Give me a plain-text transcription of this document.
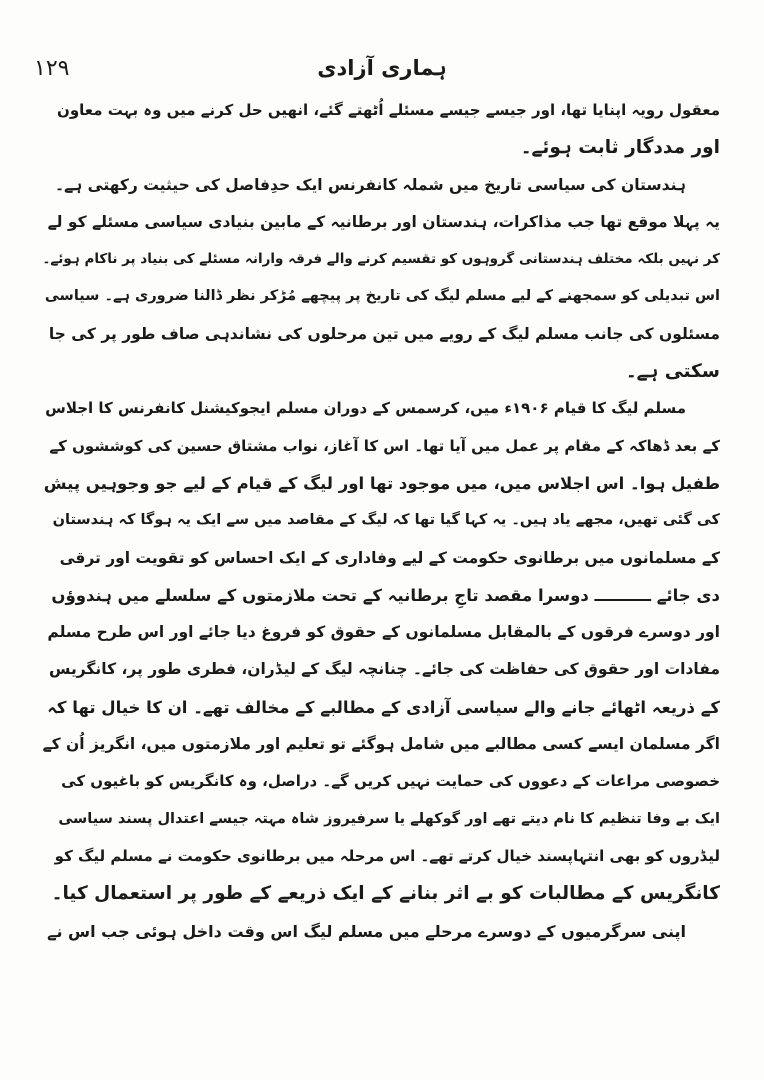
۱۲۹	ہماری آزادی
معقول رویہ اپنایا تھا، اور جیسے جیسے مسئلے اُٹھتے گئے، انھیں حل کرنے میں وہ بہت معاون
اور مددگار ثابت ہوئے۔
ہندستان کی سیاسی تاریخ میں شملہ کانفرنس ایک حدِفاصل کی حیثیت رکھتی ہے۔
یہ پہلا موقع تھا جب مذاکرات، ہندستان اور برطانیہ کے مابین بنیادی سیاسی مسئلے کو لے
کر نہیں بلکہ مختلف ہندستانی گروہوں کو تقسیم کرنے والے فرقہ وارانہ مسئلے کی بنیاد پر ناکام ہوئے۔
اس تبدیلی کو سمجھنے کے لیے مسلم لیگ کی تاریخ پر پیچھے مُڑکر نظر ڈالنا ضروری ہے۔ سیاسی
مسئلوں کی جانب مسلم لیگ کے رویے میں تین مرحلوں کی نشاندہی صاف طور پر کی جا
سکتی ہے۔
مسلم لیگ کا قیام ۱۹۰۶ء میں، کرسمس کے دوران مسلم ایجوکیشنل کانفرنس کا اجلاس
کے بعد ڈھاکہ کے مقام پر عمل میں آیا تھا۔ اس کا آغاز، نواب مشتاق حسین کی کوششوں کے
طفیل ہوا۔ اس اجلاس میں، میں موجود تھا اور لیگ کے قیام کے لیے جو وجوہیں پیش
کی گئی تھیں، مجھے یاد ہیں۔ یہ کہا گیا تھا کہ لیگ کے مقاصد میں سے ایک یہ ہوگا کہ ہندستان
کے مسلمانوں میں برطانوی حکومت کے لیے وفاداری کے ایک احساس کو تقویت اور ترقی
دی جائے ــــــــــ دوسرا مقصد تاجِ برطانیہ کے تحت ملازمتوں کے سلسلے میں ہندوؤں
اور دوسرے فرقوں کے بالمقابل مسلمانوں کے حقوق کو فروغ دیا جائے اور اس طرح مسلم
مفادات اور حقوق کی حفاظت کی جائے۔ چنانچہ لیگ کے لیڈران، فطری طور پر، کانگریس
کے ذریعہ اٹھائے جانے والے سیاسی آزادی کے مطالبے کے مخالف تھے۔ ان کا خیال تھا کہ
اگر مسلمان ایسے کسی مطالبے میں شامل ہوگئے تو تعلیم اور ملازمتوں میں، انگریز اُن کے
خصوصی مراعات کے دعووں کی حمایت نہیں کریں گے۔ دراصل، وہ کانگریس کو باغیوں کی
ایک بے وفا تنظیم کا نام دیتے تھے اور گوکھلے یا سرفیروز شاہ مہتہ جیسے اعتدال پسند سیاسی
لیڈروں کو بھی انتہاپسند خیال کرتے تھے۔ اس مرحلہ میں برطانوی حکومت نے مسلم لیگ کو
کانگریس کے مطالبات کو بے اثر بنانے کے ایک ذریعے کے طور پر استعمال کیا۔
اپنی سرگرمیوں کے دوسرے مرحلے میں مسلم لیگ اس وقت داخل ہوئی جب اس نے
